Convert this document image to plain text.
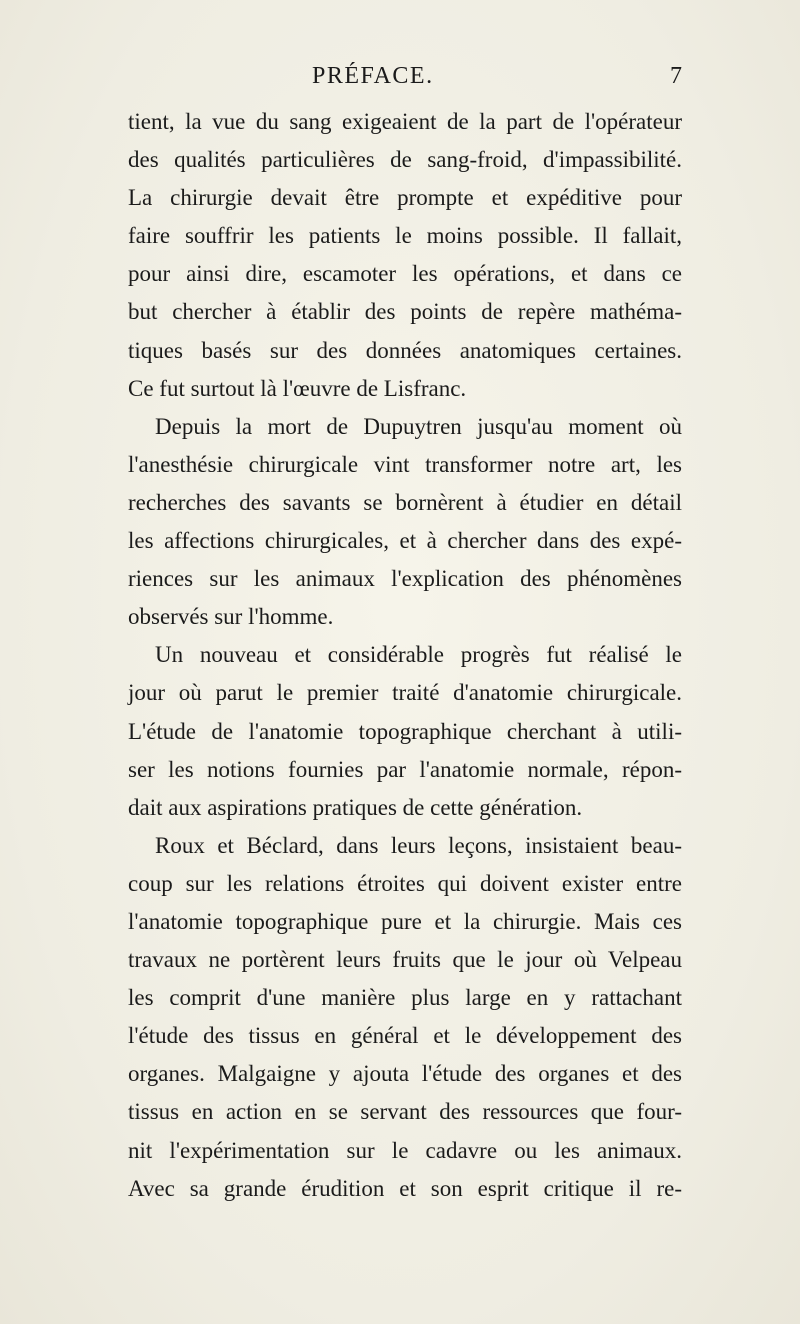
PRÉFACE.	7
tient, la vue du sang exigeaient de la part de l'opérateur
des qualités particulières de sang-froid, d'impassibilité.
La chirurgie devait être prompte et expéditive pour
faire souffrir les patients le moins possible. Il fallait,
pour ainsi dire, escamoter les opérations, et dans ce
but chercher à établir des points de repère mathéma-
tiques basés sur des données anatomiques certaines.
Ce fut surtout là l'œuvre de Lisfranc.
Depuis la mort de Dupuytren jusqu'au moment où
l'anesthésie chirurgicale vint transformer notre art, les
recherches des savants se bornèrent à étudier en détail
les affections chirurgicales, et à chercher dans des expé-
riences sur les animaux l'explication des phénomènes
observés sur l'homme.
Un nouveau et considérable progrès fut réalisé le
jour où parut le premier traité d'anatomie chirurgicale.
L'étude de l'anatomie topographique cherchant à utili-
ser les notions fournies par l'anatomie normale, répon-
dait aux aspirations pratiques de cette génération.
Roux et Béclard, dans leurs leçons, insistaient beau-
coup sur les relations étroites qui doivent exister entre
l'anatomie topographique pure et la chirurgie. Mais ces
travaux ne portèrent leurs fruits que le jour où Velpeau
les comprit d'une manière plus large en y rattachant
l'étude des tissus en général et le développement des
organes. Malgaigne y ajouta l'étude des organes et des
tissus en action en se servant des ressources que four-
nit l'expérimentation sur le cadavre ou les animaux.
Avec sa grande érudition et son esprit critique il re-
